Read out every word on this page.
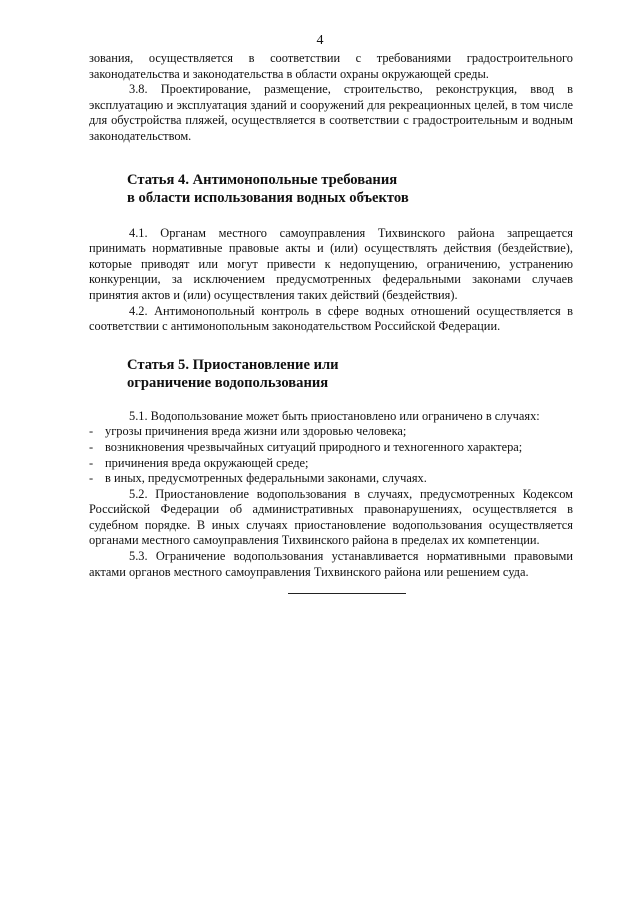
4

зования, осуществляется в соответствии с требованиями градостроительного законодательства и законодательства в области охраны окружающей среды.

3.8. Проектирование, размещение, строительство, реконструкция, ввод в эксплуатацию и эксплуатация зданий и сооружений для рекреационных целей, в том числе для обустройства пляжей, осуществляется в соответствии с градостроительным и водным законодательством.

Статья 4. Антимонопольные требования
в области использования водных объектов

4.1. Органам местного самоуправления Тихвинского района запрещается принимать нормативные правовые акты и (или) осуществлять действия (бездействие), которые приводят или могут привести к недопущению, ограничению, устранению конкуренции, за исключением предусмотренных федеральными законами случаев принятия актов и (или) осуществления таких действий (бездействия).

4.2. Антимонопольный контроль в сфере водных отношений осуществляется в соответствии с антимонопольным законодательством Российской Федерации.

Статья 5. Приостановление или
ограничение водопользования

5.1. Водопользование может быть приостановлено или ограничено в случаях:

- угрозы причинения вреда жизни или здоровью человека;
- возникновения чрезвычайных ситуаций природного и техногенного характера;
- причинения вреда окружающей среде;
- в иных, предусмотренных федеральными законами, случаях.

5.2. Приостановление водопользования в случаях, предусмотренных Кодексом Российской Федерации об административных правонарушениях, осуществляется в судебном порядке. В иных случаях приостановление водопользования осуществляется органами местного самоуправления Тихвинского района в пределах их компетенции.

5.3. Ограничение водопользования устанавливается нормативными правовыми актами органов местного самоуправления Тихвинского района или решением суда.
